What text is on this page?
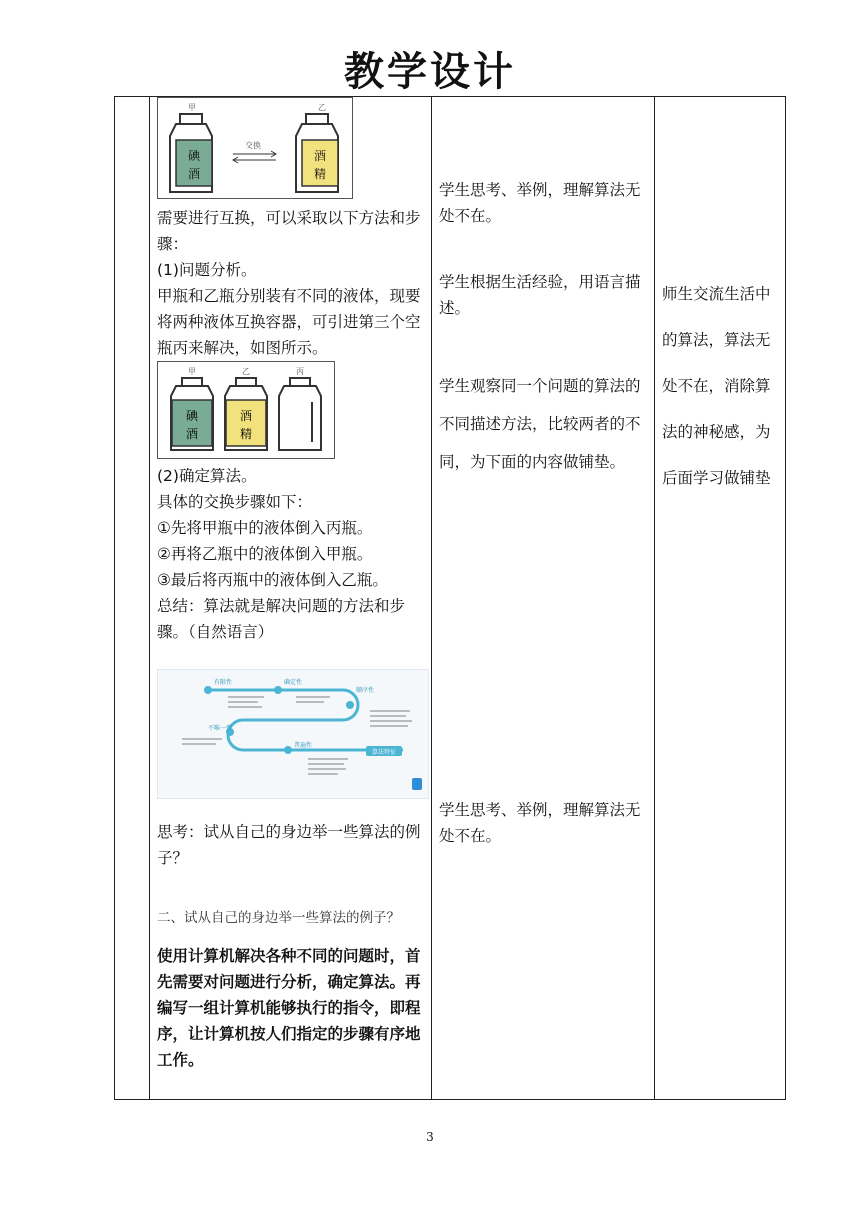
教学设计
甲	乙
碘
酒
交换
酒
精
需要进行互换，可以采取以下方法和步骤：
(1)问题分析。
甲瓶和乙瓶分别装有不同的液体，现要将两种液体互换容器，可引进第三个空瓶丙来解决，如图所示。
甲	乙	丙
碘
酒
酒
精
(2)确定算法。
具体的交换步骤如下：
①先将甲瓶中的液体倒入丙瓶。
②再将乙瓶中的液体倒入甲瓶。
③最后将丙瓶中的液体倒入乙瓶。
总结：算法就是解决问题的方法和步骤。（自然语言）
有限性	确定性
顺序性
不唯一性
普遍性
算法特征
思考：试从自己的身边举一些算法的例子？
二、试从自己的身边举一些算法的例子？
使用计算机解决各种不同的问题时，首先需要对问题进行分析，确定算法。再编写一组计算机能够执行的指令，即程序，让计算机按人们指定的步骤有序地工作。
学生思考、举例，理解算法无处不在。
学生根据生活经验，用语言描述。
学生观察同一个问题的算法的不同描述方法，比较两者的不同，为下面的内容做铺垫。
学生思考、举例，理解算法无处不在。
师生交流生活中的算法，算法无处不在，消除算法的神秘感，为后面学习做铺垫
3
